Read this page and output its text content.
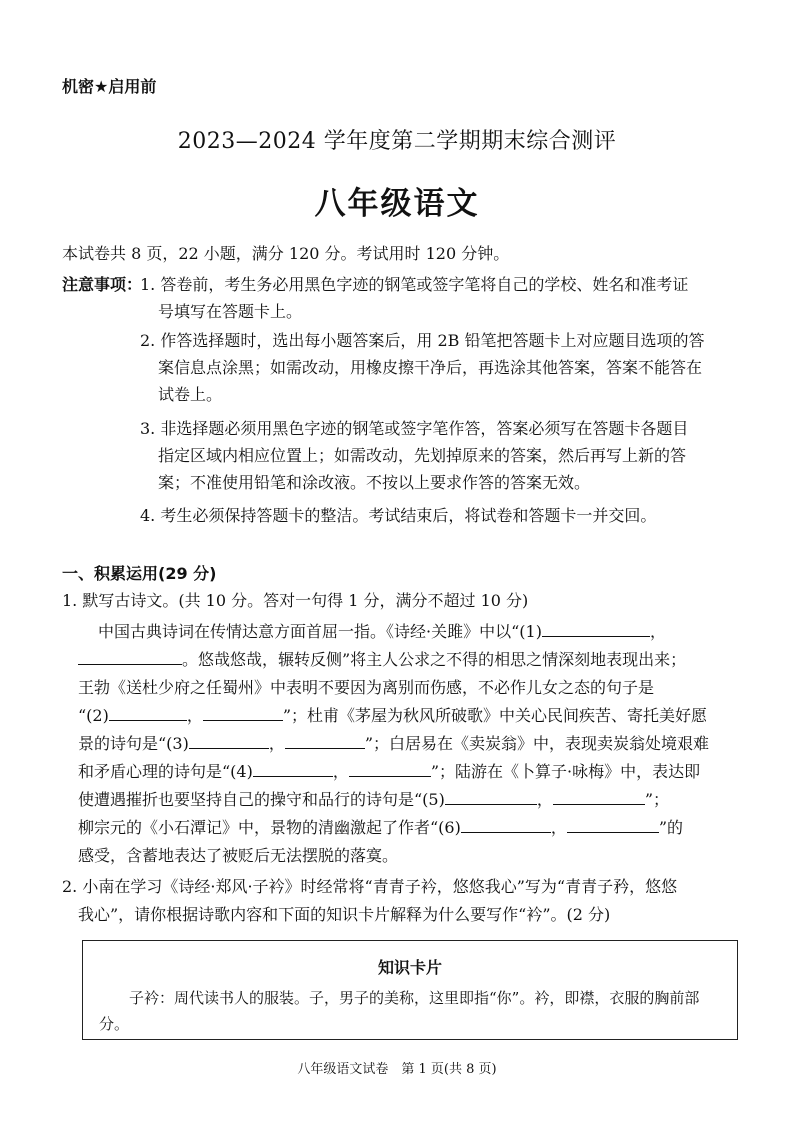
机密★启用前
2023—2024 学年度第二学期期末综合测评
八年级语文
本试卷共 8 页，22 小题，满分 120 分。考试用时 120 分钟。
注意事项：
1. 答卷前，考生务必用黑色字迹的钢笔或签字笔将自己的学校、姓名和准考证
号填写在答题卡上。
2. 作答选择题时，选出每小题答案后，用 2B 铅笔把答题卡上对应题目选项的答
案信息点涂黑；如需改动，用橡皮擦干净后，再选涂其他答案，答案不能答在
试卷上。
3. 非选择题必须用黑色字迹的钢笔或签字笔作答，答案必须写在答题卡各题目
指定区域内相应位置上；如需改动，先划掉原来的答案，然后再写上新的答
案；不准使用铅笔和涂改液。不按以上要求作答的答案无效。
4. 考生必须保持答题卡的整洁。考试结束后，将试卷和答题卡一并交回。
一、积累运用(29 分)
1. 默写古诗文。(共 10 分。答对一句得 1 分，满分不超过 10 分)
中国古典诗词在传情达意方面首屈一指。《诗经·关雎》中以“(1)	，
。悠哉悠哉，辗转反侧”将主人公求之不得的相思之情深刻地表现出来；
王勃《送杜少府之任蜀州》中表明不要因为离别而伤感，不必作儿女之态的句子是
“(2)	，	”；杜甫《茅屋为秋风所破歌》中关心民间疾苦、寄托美好愿
景的诗句是“(3)	，	”；白居易在《卖炭翁》中，表现卖炭翁处境艰难
和矛盾心理的诗句是“(4)	，	”；陆游在《卜算子·咏梅》中，表达即
使遭遇摧折也要坚持自己的操守和品行的诗句是“(5)	，	”；
柳宗元的《小石潭记》中，景物的清幽激起了作者“(6)	，	”的
感受，含蓄地表达了被贬后无法摆脱的落寞。
2. 小南在学习《诗经·郑风·子衿》时经常将“青青子衿，悠悠我心”写为“青青子矜，悠悠
我心”，请你根据诗歌内容和下面的知识卡片解释为什么要写作“衿”。(2 分)
知识卡片
子衿：周代读书人的服装。子，男子的美称，这里即指“你”。衿，即襟，衣服的胸前部分。
八年级语文试卷　第 1 页(共 8 页)
